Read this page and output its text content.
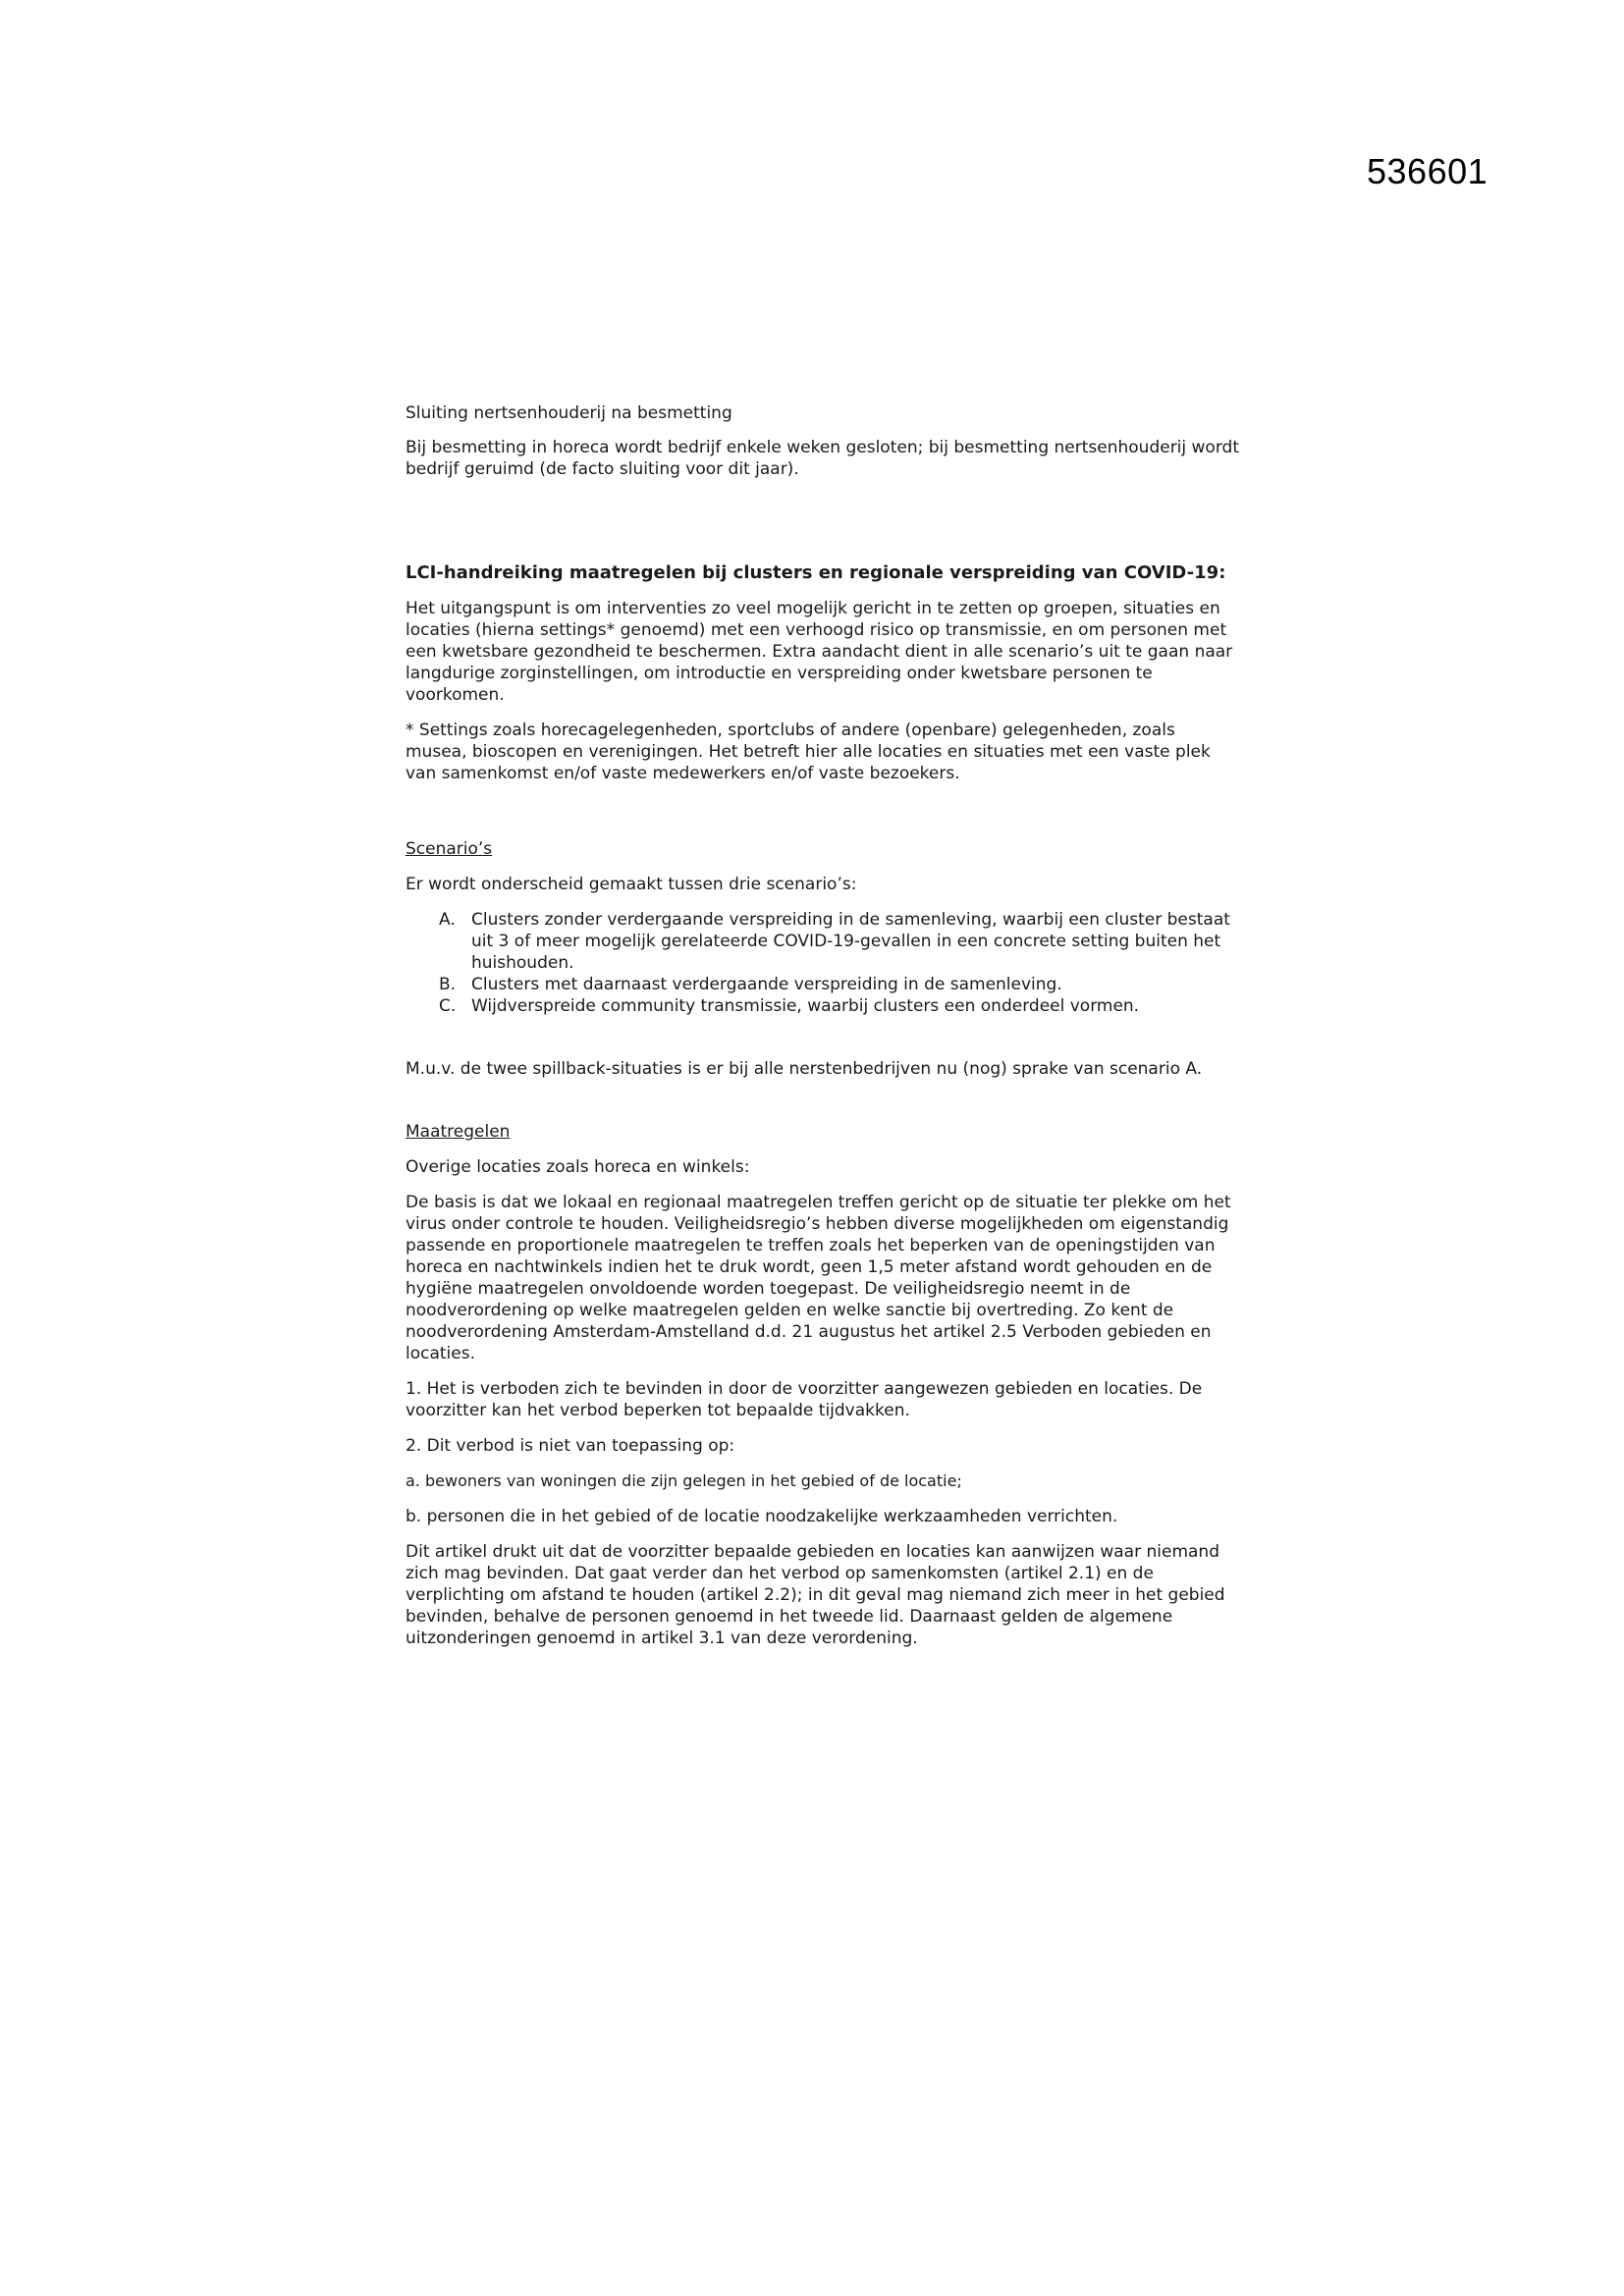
536601

Sluiting nertsenhouderij na besmetting

Bij besmetting in horeca wordt bedrijf enkele weken gesloten; bij besmetting nertsenhouderij wordt bedrijf geruimd (de facto sluiting voor dit jaar).

LCI-handreiking maatregelen bij clusters en regionale verspreiding van COVID-19:

Het uitgangspunt is om interventies zo veel mogelijk gericht in te zetten op groepen, situaties en locaties (hierna settings* genoemd) met een verhoogd risico op transmissie, en om personen met een kwetsbare gezondheid te beschermen. Extra aandacht dient in alle scenario’s uit te gaan naar langdurige zorginstellingen, om introductie en verspreiding onder kwetsbare personen te voorkomen.

* Settings zoals horecagelegenheden, sportclubs of andere (openbare) gelegenheden, zoals musea, bioscopen en verenigingen. Het betreft hier alle locaties en situaties met een vaste plek van samenkomst en/of vaste medewerkers en/of vaste bezoekers.

Scenario’s

Er wordt onderscheid gemaakt tussen drie scenario’s:

A. Clusters zonder verdergaande verspreiding in de samenleving, waarbij een cluster bestaat uit 3 of meer mogelijk gerelateerde COVID-19-gevallen in een concrete setting buiten het huishouden.
B. Clusters met daarnaast verdergaande verspreiding in de samenleving.
C. Wijdverspreide community transmissie, waarbij clusters een onderdeel vormen.

M.u.v. de twee spillback-situaties is er bij alle nerstenbedrijven nu (nog) sprake van scenario A.

Maatregelen

Overige locaties zoals horeca en winkels:

De basis is dat we lokaal en regionaal maatregelen treffen gericht op de situatie ter plekke om het virus onder controle te houden. Veiligheidsregio’s hebben diverse mogelijkheden om eigenstandig passende en proportionele maatregelen te treffen zoals het beperken van de openingstijden van horeca en nachtwinkels indien het te druk wordt, geen 1,5 meter afstand wordt gehouden en de hygiëne maatregelen onvoldoende worden toegepast. De veiligheidsregio neemt in de noodverordening op welke maatregelen gelden en welke sanctie bij overtreding. Zo kent de noodverordening Amsterdam-Amstelland d.d. 21 augustus het artikel 2.5 Verboden gebieden en locaties.

1. Het is verboden zich te bevinden in door de voorzitter aangewezen gebieden en locaties. De voorzitter kan het verbod beperken tot bepaalde tijdvakken.

2. Dit verbod is niet van toepassing op:

a. bewoners van woningen die zijn gelegen in het gebied of de locatie;

b. personen die in het gebied of de locatie noodzakelijke werkzaamheden verrichten.

Dit artikel drukt uit dat de voorzitter bepaalde gebieden en locaties kan aanwijzen waar niemand zich mag bevinden. Dat gaat verder dan het verbod op samenkomsten (artikel 2.1) en de verplichting om afstand te houden (artikel 2.2); in dit geval mag niemand zich meer in het gebied bevinden, behalve de personen genoemd in het tweede lid. Daarnaast gelden de algemene uitzonderingen genoemd in artikel 3.1 van deze verordening.
